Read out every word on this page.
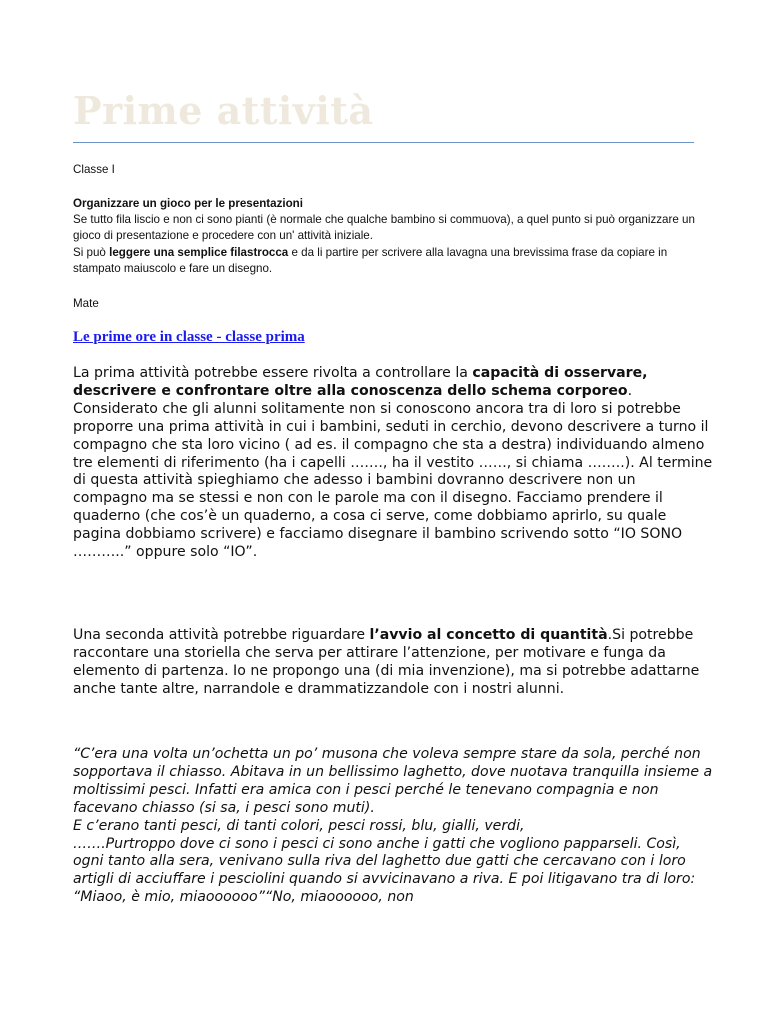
Prime attività
Classe I
Organizzare un gioco per le presentazioni
Se tutto fila liscio e non ci sono pianti (è normale che qualche bambino si commuova), a quel punto si può organizzare un gioco di presentazione e procedere con un' attività iniziale.
Si può leggere una semplice filastrocca e da li partire per scrivere alla lavagna una brevissima frase da copiare in stampato maiuscolo e fare un disegno.
Mate
Le prime ore in classe - classe prima
La prima attività potrebbe essere rivolta a controllare la capacità di osservare, descrivere e confrontare oltre alla conoscenza dello schema corporeo. Considerato che gli alunni solitamente non si conoscono ancora tra di loro si potrebbe proporre una prima attività in cui i bambini, seduti in cerchio, devono descrivere a turno il compagno che sta loro vicino ( ad es. il compagno che sta a destra) individuando almeno tre elementi di riferimento (ha i capelli ……., ha il vestito ……, si chiama ……..). Al termine di questa attività spieghiamo che adesso i bambini dovranno descrivere non un compagno ma se stessi e non con le parole ma con il disegno. Facciamo prendere il quaderno (che cos’è un quaderno, a cosa ci serve, come dobbiamo aprirlo, su quale pagina dobbiamo scrivere) e facciamo disegnare il bambino scrivendo sotto “IO SONO ………..” oppure solo “IO”.
Una seconda attività potrebbe riguardare l’avvio al concetto di quantità.Si potrebbe raccontare una storiella che serva per attirare l’attenzione, per motivare e funga da elemento di partenza. Io ne propongo una (di mia invenzione), ma si potrebbe adattarne anche tante altre, narrandole e drammatizzandole con i nostri alunni.

“C’era una volta un’ochetta un po’ musona che voleva sempre stare da sola, perché non sopportava il chiasso. Abitava in un bellissimo laghetto, dove nuotava tranquilla insieme a moltissimi pesci. Infatti era amica con i pesci perché le tenevano compagnia e non facevano chiasso (si sa, i pesci sono muti).

E c’erano tanti pesci, di tanti colori, pesci rossi, blu, gialli, verdi,

…….Purtroppo dove ci sono i pesci ci sono anche i gatti che vogliono papparseli. Così, ogni tanto alla sera, venivano sulla riva del laghetto due gatti che cercavano con i loro artigli di acciuffare i pesciolini quando si avvicinavano a riva. E poi litigavano tra di loro: “Miaoo, è mio, miaoooooo”“No, miaoooooo, non
